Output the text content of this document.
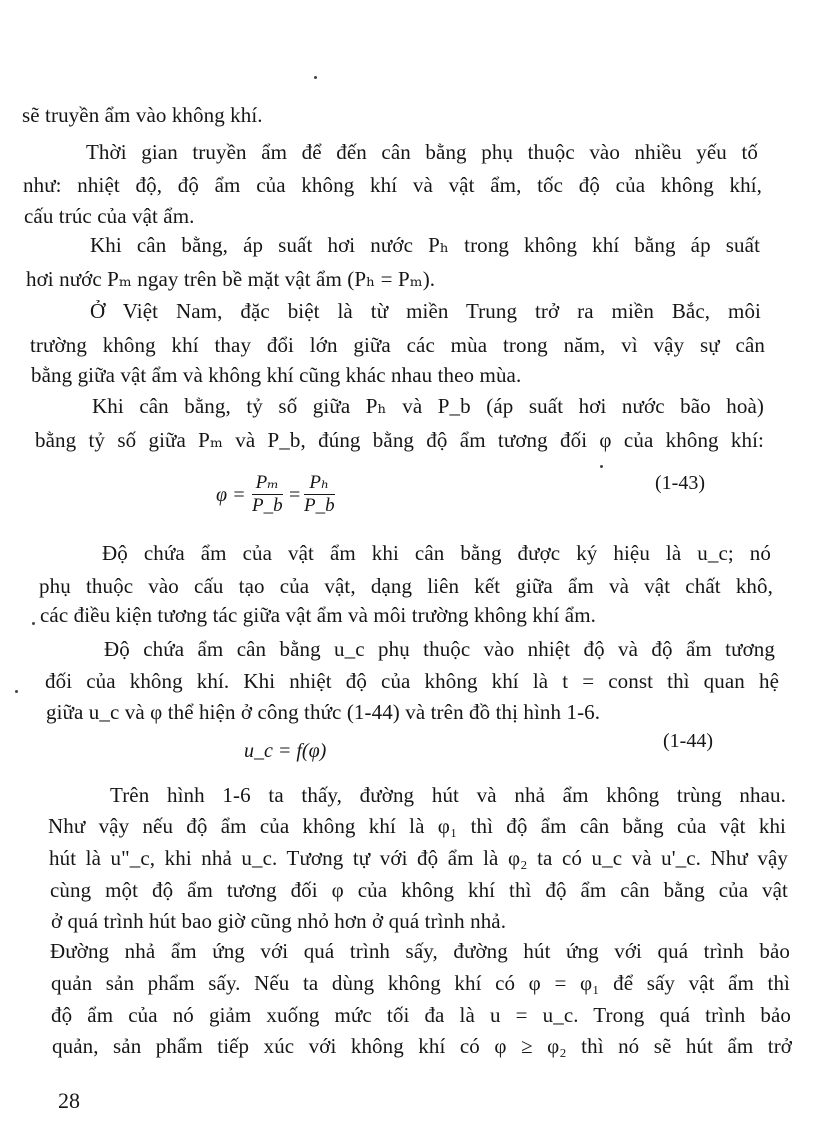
sẽ truyền ẩm vào không khí.
Thời gian truyền ẩm để đến cân bằng phụ thuộc vào nhiều yếu tố
như: nhiệt độ, độ ẩm của không khí và vật ẩm, tốc độ của không khí,
cấu trúc của vật ẩm.
Khi cân bằng, áp suất hơi nước Pₕ trong không khí bằng áp suất
hơi nước Pₘ ngay trên bề mặt vật ẩm (Pₕ = Pₘ).
Ở Việt Nam, đặc biệt là từ miền Trung trở ra miền Bắc, môi
trường không khí thay đổi lớn giữa các mùa trong năm, vì vậy sự cân
bằng giữa vật ẩm và không khí cũng khác nhau theo mùa.
Khi cân bằng, tỷ số giữa Pₕ và P_b (áp suất hơi nước bão hoà)
bằng tỷ số giữa Pₘ và P_b, đúng bằng độ ẩm tương đối φ của không khí:
$\varphi = \frac{\text{Pₘ}}{P\_b} = \frac{\text{Pₕ}}{P\_b}$	(1-43)
Độ chứa ẩm của vật ẩm khi cân bằng được ký hiệu là u_c; nó
phụ thuộc vào cấu tạo của vật, dạng liên kết giữa ẩm và vật chất khô,
các điều kiện tương tác giữa vật ẩm và môi trường không khí ẩm.
Độ chứa ẩm cân bằng u_c phụ thuộc vào nhiệt độ và độ ẩm tương
đối của không khí. Khi nhiệt độ của không khí là t = const thì quan hệ
giữa u_c và φ thể hiện ở công thức (1-44) và trên đồ thị hình 1-6.
u_c = f(φ)	(1-44)
Trên hình 1-6 ta thấy, đường hút và nhả ẩm không trùng nhau.
Như vậy nếu độ ẩm của không khí là φ₁ thì độ ẩm cân bằng của vật khi
hút là u"_c, khi nhả u_c. Tương tự với độ ẩm là φ₂ ta có u_c và u'_c. Như vậy
cùng một độ ẩm tương đối φ của không khí thì độ ẩm cân bằng của vật
ở quá trình hút bao giờ cũng nhỏ hơn ở quá trình nhả.
Đường nhả ẩm ứng với quá trình sấy, đường hút ứng với quá trình bảo
quản sản phẩm sấy. Nếu ta dùng không khí có φ = φ₁ để sấy vật ẩm thì
độ ẩm của nó giảm xuống mức tối đa là u = u_c. Trong quá trình bảo
quản, sản phẩm tiếp xúc với không khí có φ ≥ φ₂ thì nó sẽ hút ẩm trở
28
